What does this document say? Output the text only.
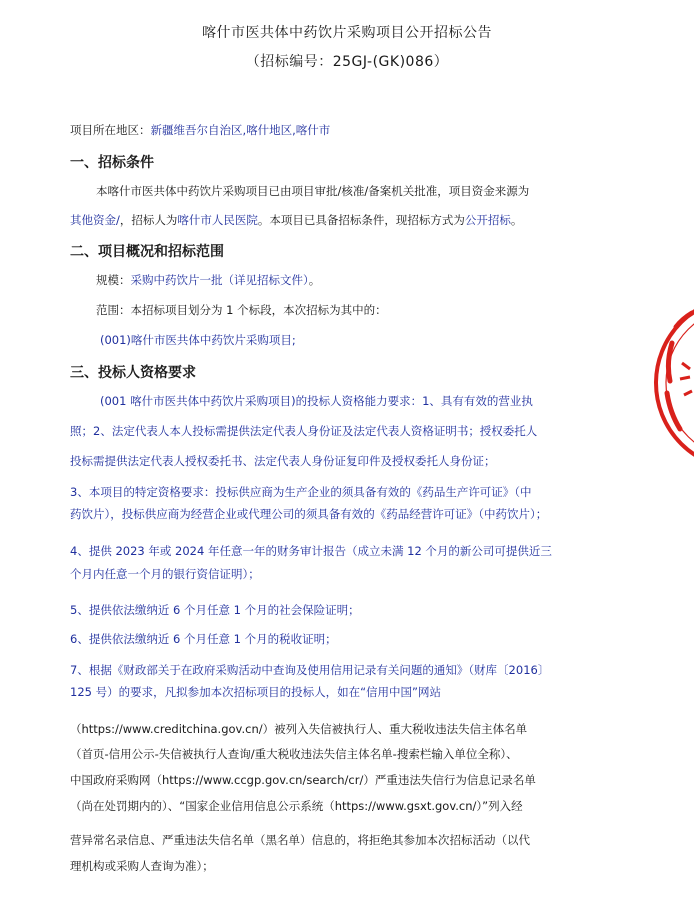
喀什市医共体中药饮片采购项目公开招标公告
（招标编号：25GJ-(GK)086）
项目所在地区：新疆维吾尔自治区,喀什地区,喀什市
一、招标条件
本喀什市医共体中药饮片采购项目已由项目审批/核准/备案机关批准，项目资金来源为
其他资金/，招标人为喀什市人民医院。本项目已具备招标条件，现招标方式为公开招标。
二、项目概况和招标范围
规模：采购中药饮片一批（详见招标文件）。
范围：本招标项目划分为 1 个标段，本次招标为其中的：
(001)喀什市医共体中药饮片采购项目;
三、投标人资格要求
(001 喀什市医共体中药饮片采购项目)的投标人资格能力要求：1、具有有效的营业执
照；2、法定代表人本人投标需提供法定代表人身份证及法定代表人资格证明书；授权委托人
投标需提供法定代表人授权委托书、法定代表人身份证复印件及授权委托人身份证；
3、本项目的特定资格要求：投标供应商为生产企业的须具备有效的《药品生产许可证》（中
药饮片），投标供应商为经营企业或代理公司的须具备有效的《药品经营许可证》（中药饮片）；
4、提供 2023 年或 2024 年任意一年的财务审计报告（成立未满 12 个月的新公司可提供近三
个月内任意一个月的银行资信证明）；
5、提供依法缴纳近 6 个月任意 1 个月的社会保险证明；
6、提供依法缴纳近 6 个月任意 1 个月的税收证明；
7、根据《财政部关于在政府采购活动中查询及使用信用记录有关问题的通知》（财库〔2016〕
125 号）的要求，凡拟参加本次招标项目的投标人，如在“信用中国”网站
（https://www.creditchina.gov.cn/）被列入失信被执行人、重大税收违法失信主体名单
（首页-信用公示-失信被执行人查询/重大税收违法失信主体名单-搜索栏输入单位全称）、
中国政府采购网（https://www.ccgp.gov.cn/search/cr/）严重违法失信行为信息记录名单
（尚在处罚期内的）、“国家企业信用信息公示系统（https://www.gsxt.gov.cn/）”列入经
营异常名录信息、严重违法失信名单（黑名单）信息的，将拒绝其参加本次招标活动（以代
理机构或采购人查询为准）；
